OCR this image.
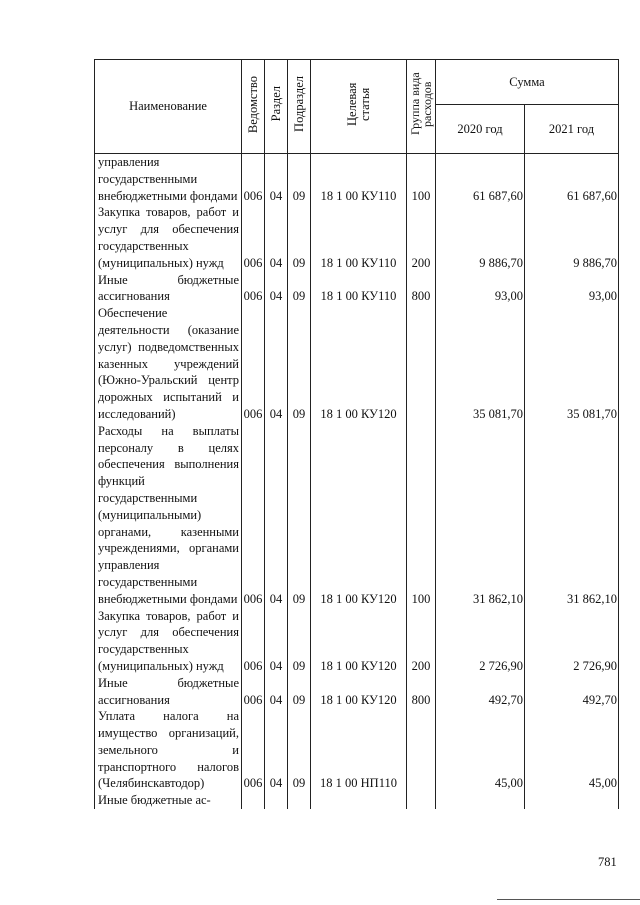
Наименование	Ведомство	Раздел	Подраздел	Целевая статья	Группа вида расходов	Сумма	
						2020 год	2021 год
управления государственными внебюджетными фондами	006	04	09	18 1 00 КУ110	100	61 687,60	61 687,60
Закупка товаров, работ и услуг для обеспечения государственных (муниципальных) нужд	006	04	09	18 1 00 КУ110	200	9 886,70	9 886,70
Иные бюджетные ассигнования	006	04	09	18 1 00 КУ110	800	93,00	93,00
Обеспечение деятельности (оказание услуг) подведомственных казенных учреждений (Южно-Уральский центр дорожных испытаний и исследований)	006	04	09	18 1 00 КУ120		35 081,70	35 081,70
Расходы на выплаты персоналу в целях обеспечения выполнения функций государственными (муниципальными) органами, казенными учреждениями, органами управления государственными внебюджетными фондами	006	04	09	18 1 00 КУ120	100	31 862,10	31 862,10
Закупка товаров, работ и услуг для обеспечения государственных (муниципальных) нужд	006	04	09	18 1 00 КУ120	200	2 726,90	2 726,90
Иные бюджетные ассигнования	006	04	09	18 1 00 КУ120	800	492,70	492,70
Уплата налога на имущество организаций, земельного и транспортного налогов (Челябинскавтодор)	006	04	09	18 1 00 НП110		45,00	45,00
Иные бюджетные ас-							
781
